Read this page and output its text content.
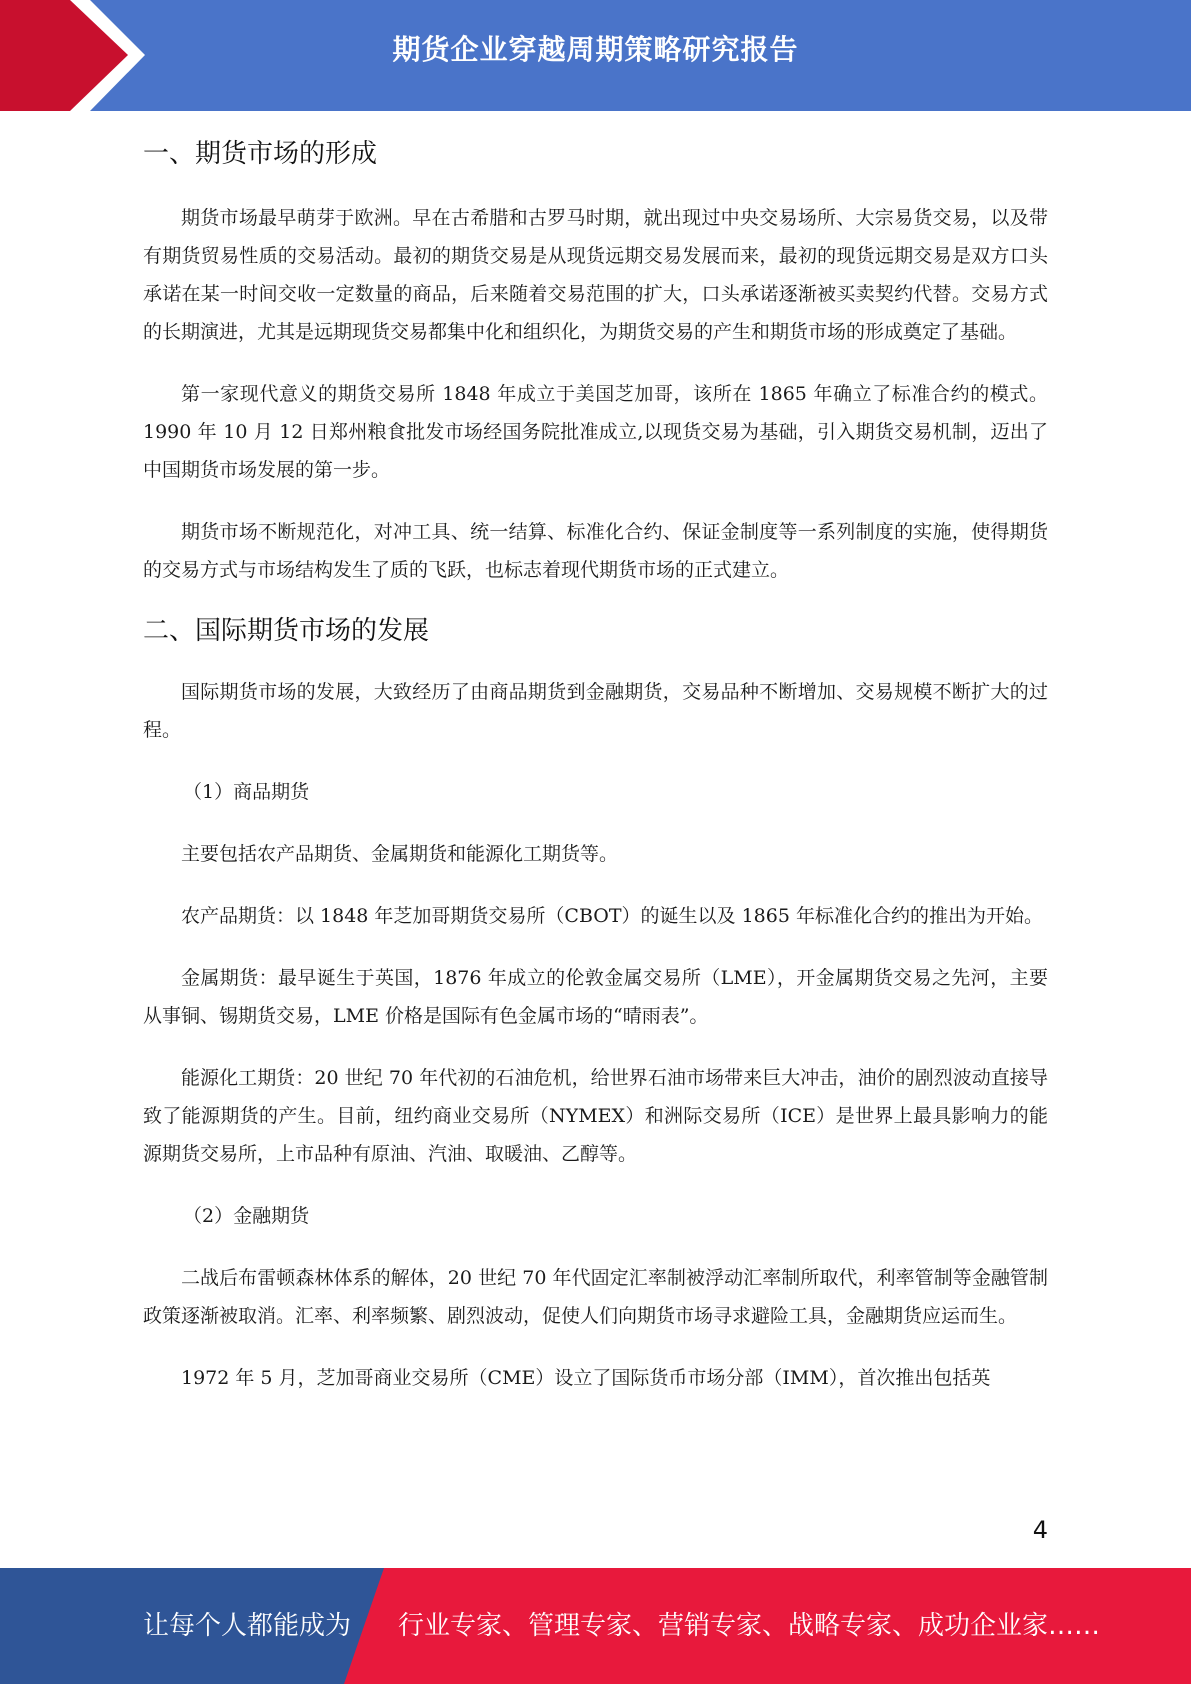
期货企业穿越周期策略研究报告
一、期货市场的形成

期货市场最早萌芽于欧洲。早在古希腊和古罗马时期，就出现过中央交易场所、大宗易货交易，以及带有期货贸易性质的交易活动。最初的期货交易是从现货远期交易发展而来，最初的现货远期交易是双方口头承诺在某一时间交收一定数量的商品，后来随着交易范围的扩大，口头承诺逐渐被买卖契约代替。交易方式的长期演进，尤其是远期现货交易都集中化和组织化，为期货交易的产生和期货市场的形成奠定了基础。

第一家现代意义的期货交易所 1848 年成立于美国芝加哥，该所在 1865 年确立了标准合约的模式。1990 年 10 月 12 日郑州粮食批发市场经国务院批准成立,以现货交易为基础，引入期货交易机制，迈出了中国期货市场发展的第一步。

期货市场不断规范化，对冲工具、统一结算、标准化合约、保证金制度等一系列制度的实施，使得期货的交易方式与市场结构发生了质的飞跃，也标志着现代期货市场的正式建立。

二、国际期货市场的发展

国际期货市场的发展，大致经历了由商品期货到金融期货，交易品种不断增加、交易规模不断扩大的过程。

（1）商品期货

主要包括农产品期货、金属期货和能源化工期货等。

农产品期货：以 1848 年芝加哥期货交易所（CBOT）的诞生以及 1865 年标准化合约的推出为开始。

金属期货：最早诞生于英国，1876 年成立的伦敦金属交易所（LME），开金属期货交易之先河，主要从事铜、锡期货交易，LME 价格是国际有色金属市场的“晴雨表”。

能源化工期货：20 世纪 70 年代初的石油危机，给世界石油市场带来巨大冲击，油价的剧烈波动直接导致了能源期货的产生。目前，纽约商业交易所（NYMEX）和洲际交易所（ICE）是世界上最具影响力的能源期货交易所，上市品种有原油、汽油、取暖油、乙醇等。

（2）金融期货

二战后布雷顿森林体系的解体，20 世纪 70 年代固定汇率制被浮动汇率制所取代，利率管制等金融管制政策逐渐被取消。汇率、利率频繁、剧烈波动，促使人们向期货市场寻求避险工具，金融期货应运而生。

1972 年 5 月，芝加哥商业交易所（CME）设立了国际货币市场分部（IMM），首次推出包括英

4
让每个人都能成为 行业专家、管理专家、营销专家、战略专家、成功企业家……
